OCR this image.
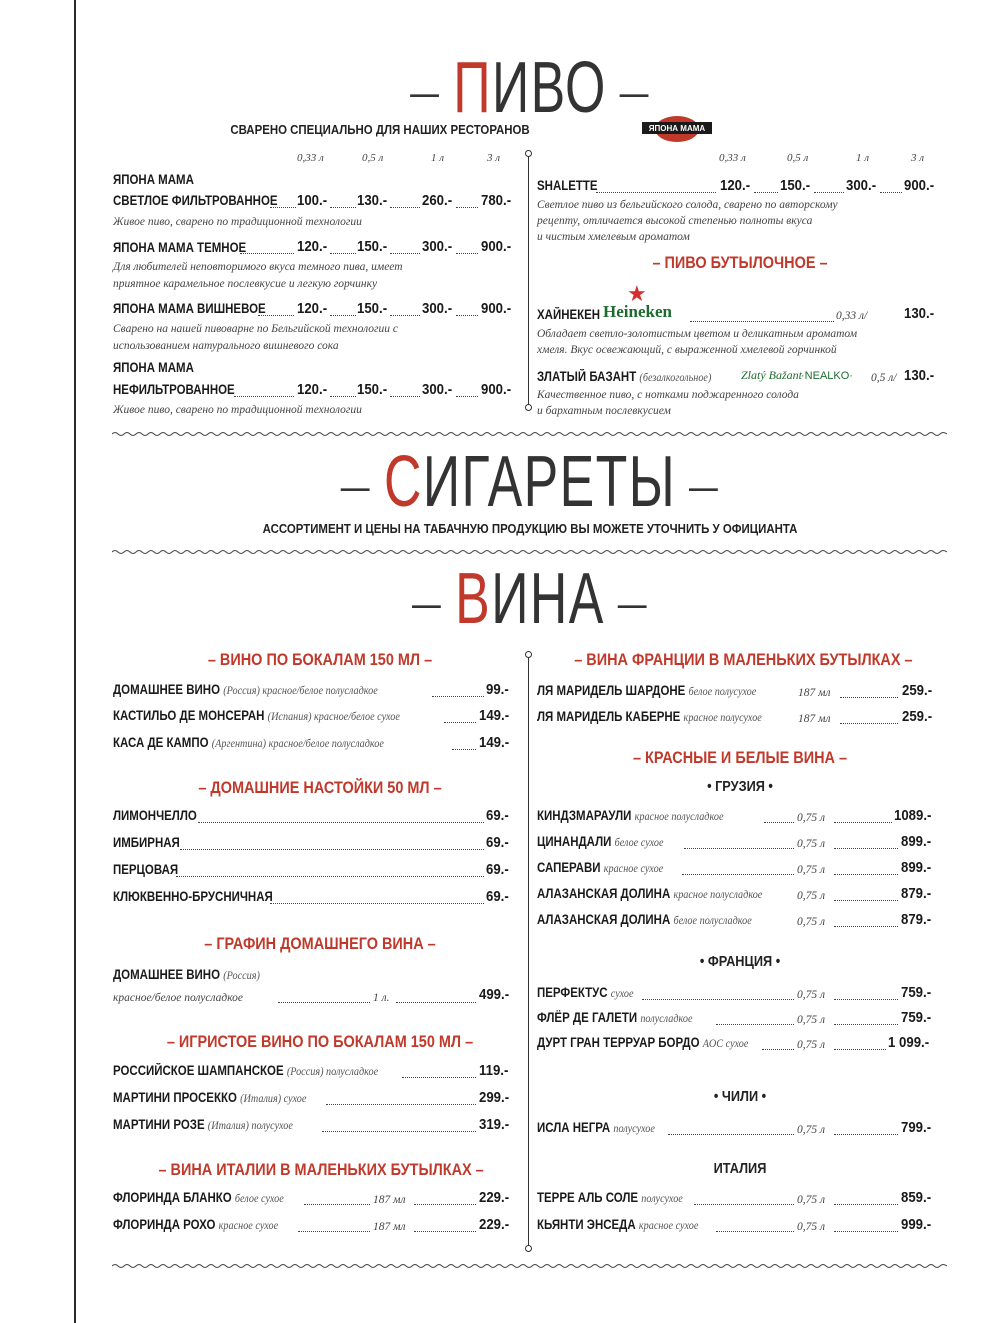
— ПИВО —
СВАРЕНО СПЕЦИАЛЬНО ДЛЯ НАШИХ РЕСТОРАНОВ	ЯПОНА МАМА
0,33 л	0,5 л	1 л	3 л	0,33 л	0,5 л	1 л	3 л
ЯПОНА МАМА
СВЕТЛОЕ ФИЛЬТРОВАННОЕ 100.- 130.- 260.- 780.-
Живое пиво, сварено по традиционной технологии
ЯПОНА МАМА ТЕМНОЕ	120.- 150.- 300.- 900.-
Для любителей неповторимого вкуса темного пива, имеет
приятное карамельное послевкусие и легкую горчинку
ЯПОНА МАМА ВИШНЕВОЕ 120.- 150.- 300.- 900.-
Сварено на нашей пивоварне по Бельгийской технологии с
использованием натурального вишневого сока
ЯПОНА МАМА
НЕФИЛЬТРОВАННОЕ	120.- 150.- 300.- 900.-
Живое пиво, сварено по традиционной технологии
SHALETTE	120.- 150.- 300.- 900.-
Светлое пиво из бельгийского солода, сварено по авторскому
рецепту, отличается высокой степенью полноты вкуса
и чистым хмелевым ароматом
– ПИВО БУТЫЛОЧНОЕ –
ХАЙНЕКЕН
★
Heineken	0,33 л/ 130.-
Обладает светло-золотистым цветом и деликатным ароматом
хмеля. Вкус освежающий, с выраженной хмелевой горчинкой
ЗЛАТЫЙ БАЗАНТ (безалкогольное) Zlatý Bažant
·NEALKO· 0,5 л/ 130.-
Качественное пиво, с нотками поджаренного солода
и бархатным послевкусием
— СИГАРЕТЫ —
АССОРТИМЕНТ И ЦЕНЫ НА ТАБАЧНУЮ ПРОДУКЦИЮ ВЫ МОЖЕТЕ УТОЧНИТЬ У ОФИЦИАНТА
— ВИНА —
– ВИНО ПО БОКАЛАМ 150 МЛ –
ДОМАШНЕЕ ВИНО (Россия) красное/белое полусладкое	99.-
КАСТИЛЬО ДЕ МОНСЕРАН (Испания) красное/белое сухое	149.-
КАСА ДЕ КАМПО (Аргентина) красное/белое полусладкое	149.-
– ДОМАШНИЕ НАСТОЙКИ 50 МЛ –
ЛИМОНЧЕЛЛО	69.-
ИМБИРНАЯ	69.-
ПЕРЦОВАЯ	69.-
КЛЮКВЕННО-БРУСНИЧНАЯ	69.-
– ГРАФИН ДОМАШНЕГО ВИНА –
ДОМАШНЕЕ ВИНО (Россия)
красное/белое полусладкое	1 л.	499.-
– ИГРИСТОЕ ВИНО ПО БОКАЛАМ 150 МЛ –
РОССИЙСКОЕ ШАМПАНСКОЕ (Россия) полусладкое	119.-
МАРТИНИ ПРОСЕККО (Италия) сухое	299.-
МАРТИНИ РОЗЕ (Италия) полусухое	319.-
– ВИНА ИТАЛИИ В МАЛЕНЬКИХ БУТЫЛКАХ –
ФЛОРИНДА БЛАНКО белое сухое	187 мл	229.-
ФЛОРИНДА РОХО красное сухое	187 мл	229.-
– ВИНА ФРАНЦИИ В МАЛЕНЬКИХ БУТЫЛКАХ –
ЛЯ МАРИДЕЛЬ ШАРДОНЕ белое полусухое	187 мл	259.-
ЛЯ МАРИДЕЛЬ КАБЕРНЕ красное полусухое	187 мл	259.-
– КРАСНЫЕ И БЕЛЫЕ ВИНА –
• ГРУЗИЯ •
КИНДЗМАРАУЛИ красное полусладкое	0,75 л	1089.-
ЦИНАНДАЛИ белое сухое	0,75 л	899.-
САПЕРАВИ красное сухое	0,75 л	899.-
АЛАЗАНСКАЯ ДОЛИНА красное полусладкое	0,75 л	879.-
АЛАЗАНСКАЯ ДОЛИНА белое полусладкое	0,75 л	879.-
• ФРАНЦИЯ •
ПЕРФЕКТУС сухое	0,75 л	759.-
ФЛЁР ДЕ ГАЛЕТИ полусладкое	0,75 л	759.-
ДУРТ ГРАН ТЕРРУАР БОРДО AOC сухое	0,75 л	1 099.-
• ЧИЛИ •
ИСЛА НЕГРА полусухое	0,75 л	799.-
ИТАЛИЯ
ТЕРРЕ АЛЬ СОЛЕ полусухое	0,75 л	859.-
КЬЯНТИ ЭНСЕДА красное сухое	0,75 л	999.-
